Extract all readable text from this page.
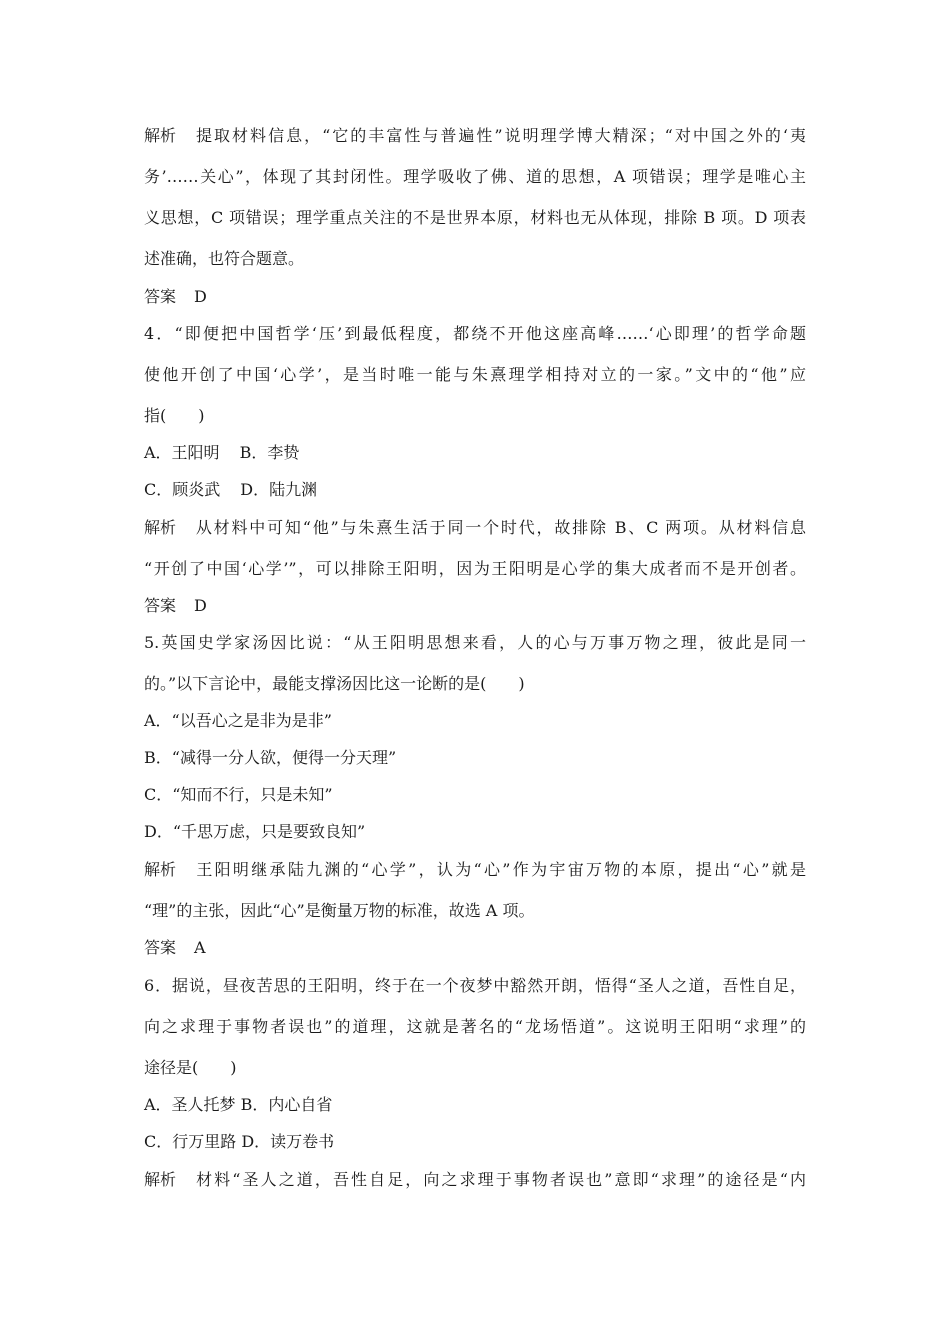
解析 提取材料信息，“它的丰富性与普遍性”说明理学博大精深；“对中国之外的‘夷
务’……关心”，体现了其封闭性。理学吸收了佛、道的思想，A 项错误；理学是唯心主
义思想，C 项错误；理学重点关注的不是世界本原，材料也无从体现，排除 B 项。D 项表
述准确，也符合题意。
答案 D
4．“即便把中国哲学‘压’到最低程度，都绕不开他这座高峰……‘心即理’的哲学命题
使他开创了中国‘心学’，是当时唯一能与朱熹理学相持对立的一家。”文中的“他”应
指(　　)
A．王阳明 B．李贽
C．顾炎武 D．陆九渊
解析 从材料中可知“他”与朱熹生活于同一个时代，故排除 B、C 两项。从材料信息
“开创了中国‘心学’”，可以排除王阳明，因为王阳明是心学的集大成者而不是开创者。
答案 D
5.英国史学家汤因比说：“从王阳明思想来看，人的心与万事万物之理，彼此是同一
的。”以下言论中，最能支撑汤因比这一论断的是(　　)
A．“以吾心之是非为是非”
B．“减得一分人欲，便得一分天理”
C．“知而不行，只是未知”
D．“千思万虑，只是要致良知”
解析 王阳明继承陆九渊的“心学”，认为“心”作为宇宙万物的本原，提出“心”就是
“理”的主张，因此“心”是衡量万物的标准，故选 A 项。
答案 A
6．据说，昼夜苦思的王阳明，终于在一个夜梦中豁然开朗，悟得“圣人之道，吾性自足，
向之求理于事物者误也”的道理，这就是著名的“龙场悟道”。这说明王阳明“求理”的
途径是(　　)
A．圣人托梦 B．内心自省
C．行万里路 D．读万卷书
解析 材料“圣人之道，吾性自足，向之求理于事物者误也”意即“求理”的途径是“内
